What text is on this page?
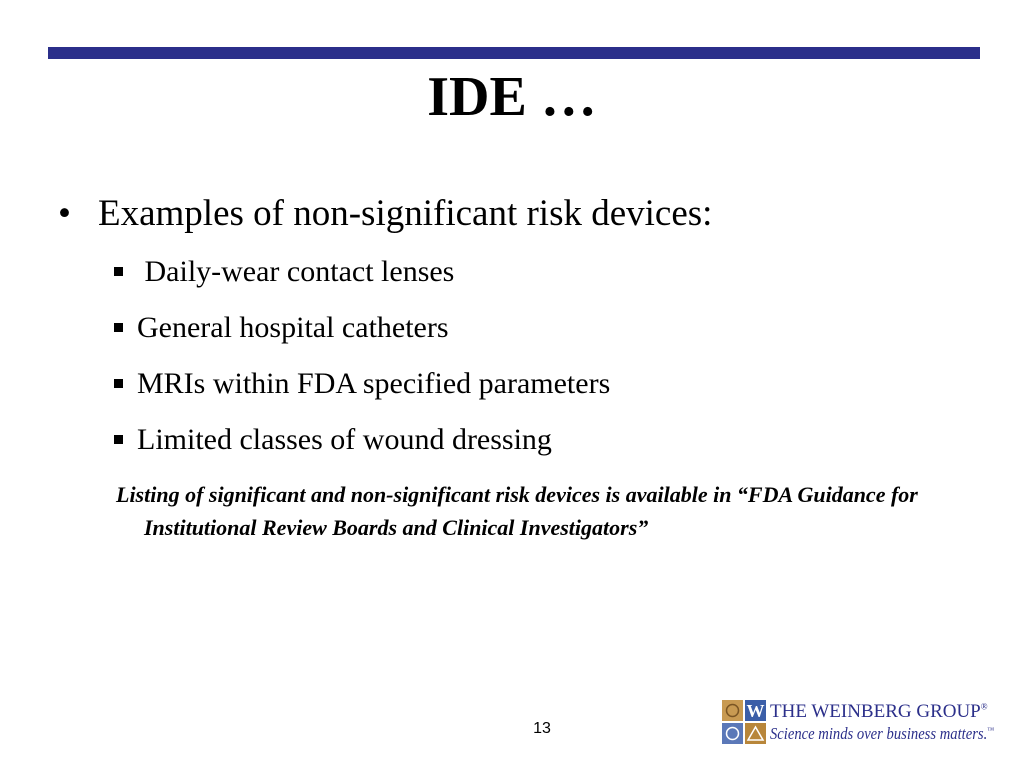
IDE …
• Examples of non-significant risk devices:
Daily-wear contact lenses
General hospital catheters
MRIs within FDA specified parameters
Limited classes of wound dressing
Listing of significant and non-significant risk devices is available in “FDA Guidance for Institutional Review Boards and Clinical Investigators”
13
W THE WEINBERG GROUP®
Science minds over business matters.™
